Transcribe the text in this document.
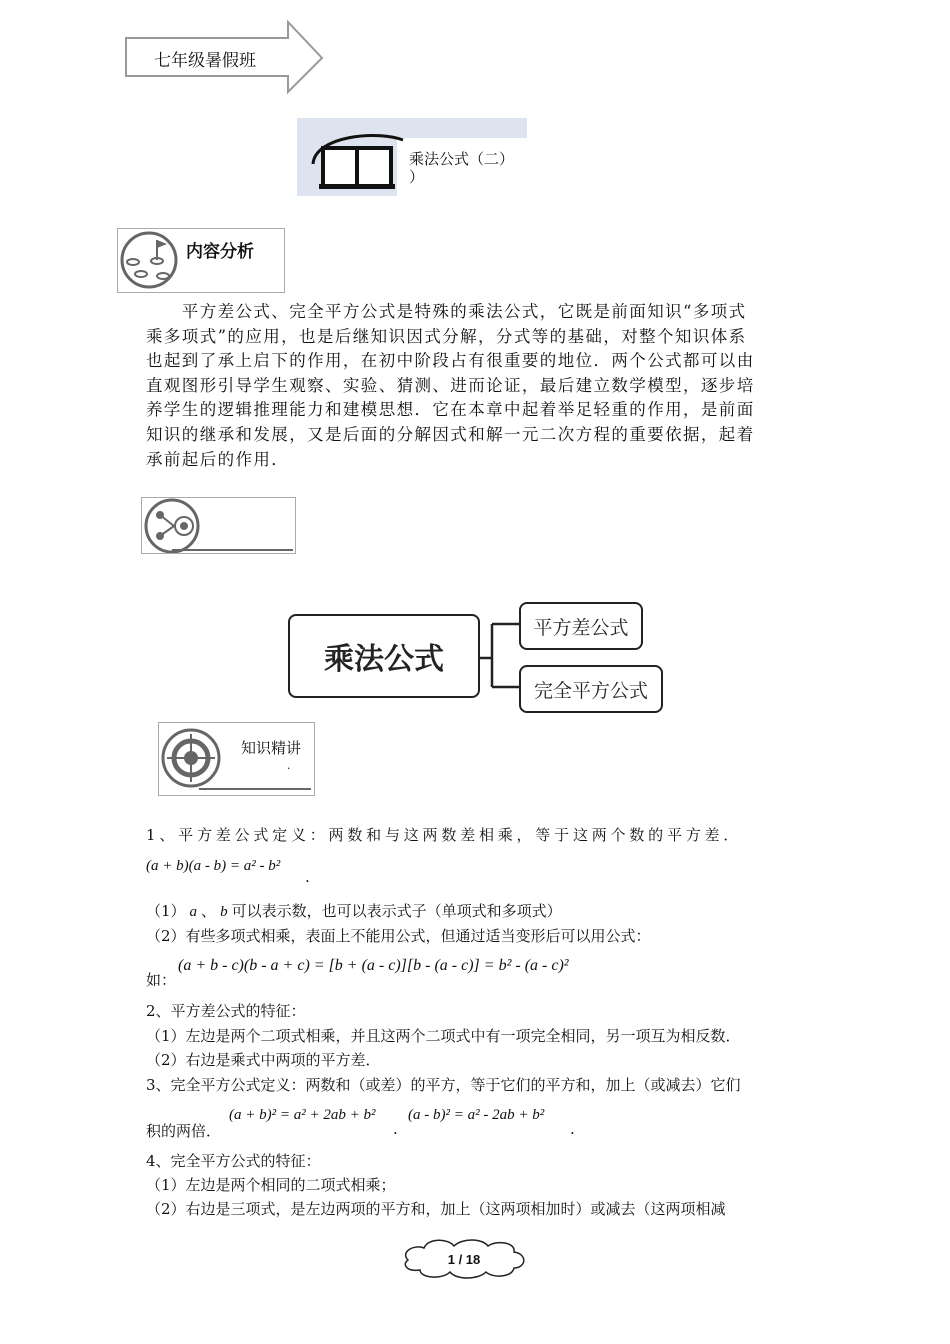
七年级暑假班
乘法公式（二）
）
内容分析
　　平方差公式、完全平方公式是特殊的乘法公式，它既是前面知识“多项式
乘多项式”的应用，也是后继知识因式分解，分式等的基础，对整个知识体系
也起到了承上启下的作用，在初中阶段占有很重要的地位．两个公式都可以由
直观图形引导学生观察、实验、猜测、进而论证，最后建立数学模型，逐步培
养学生的逻辑推理能力和建模思想．它在本章中起着举足轻重的作用，是前面
知识的继承和发展，又是后面的分解因式和解一元二次方程的重要依据，起着
承前起后的作用．
乘法公式
平方差公式
完全平方公式
知识精讲
.
1、平方差公式定义：两数和与这两数差相乘，等于这两个数的平方差．
(a + b)(a - b) = a² - b²
.
（1） a 、 b 可以表示数，也可以表示式子（单项式和多项式）
（2）有些多项式相乘，表面上不能用公式，但通过适当变形后可以用公式：
如：
(a + b - c)(b - a + c) = [b + (a - c)][b - (a - c)] = b² - (a - c)²
2、平方差公式的特征：
（1）左边是两个二项式相乘，并且这两个二项式中有一项完全相同，另一项互为相反数．
（2）右边是乘式中两项的平方差．
3、完全平方公式定义：两数和（或差）的平方，等于它们的平方和，加上（或减去）它们
积的两倍．
(a + b)² = a² + 2ab + b²
.
(a - b)² = a² - 2ab + b²
.
4、完全平方公式的特征：
（1）左边是两个相同的二项式相乘；
（2）右边是三项式，是左边两项的平方和，加上（这两项相加时）或减去（这两项相减
1 / 18
